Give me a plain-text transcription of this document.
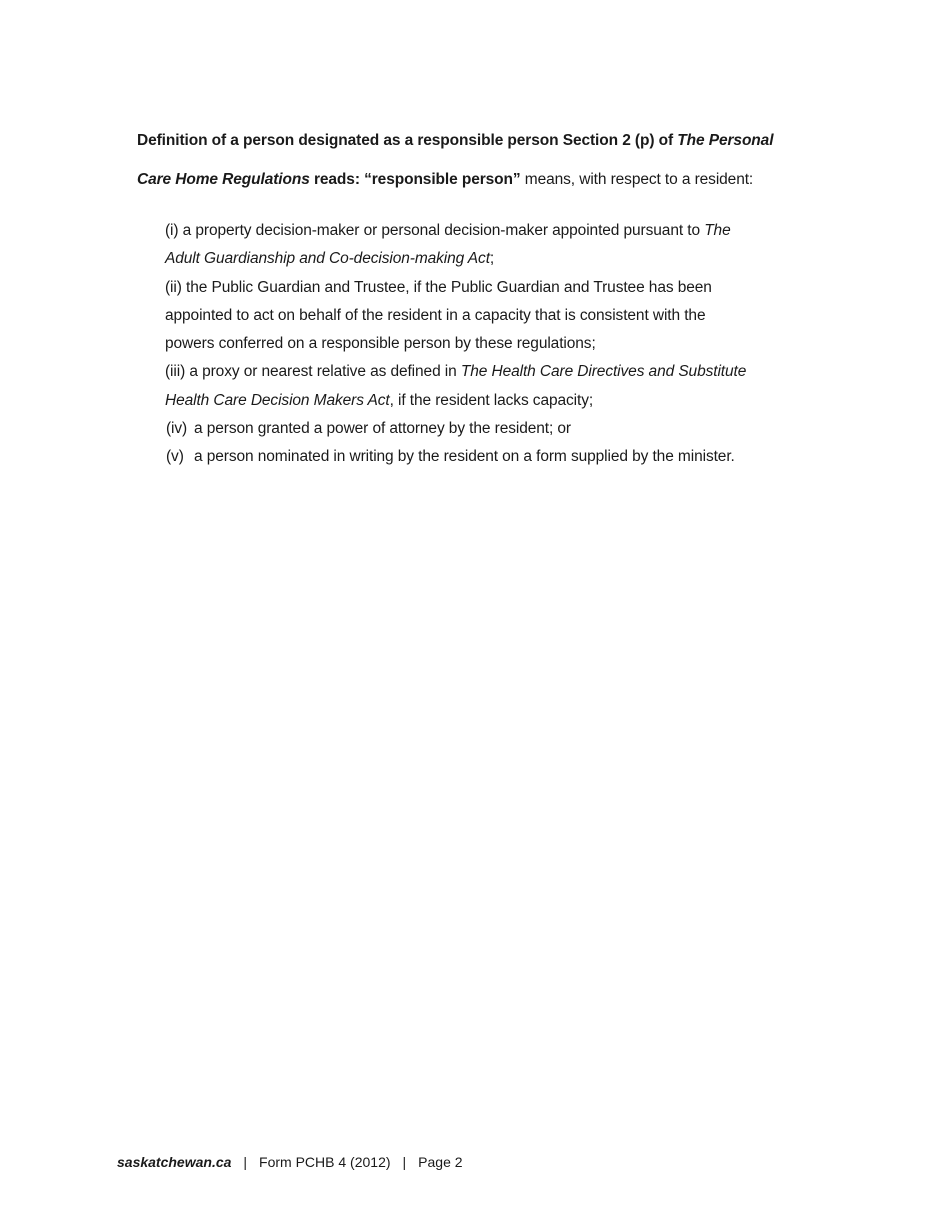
Definition of a person designated as a responsible person Section 2 (p) of The Personal
Care Home Regulations reads: “responsible person” means, with respect to a resident:

(i) a property decision-maker or personal decision-maker appointed pursuant to The
Adult Guardianship and Co-decision-making Act;

(ii) the Public Guardian and Trustee, if the Public Guardian and Trustee has been
appointed to act on behalf of the resident in a capacity that is consistent with the
powers conferred on a responsible person by these regulations;

(iii) a proxy or nearest relative as defined in The Health Care Directives and Substitute
Health Care Decision Makers Act, if the resident lacks capacity;

(iv) a person granted a power of attorney by the resident; or

(v) a person nominated in writing by the resident on a form supplied by the minister.

saskatchewan.ca | Form PCHB 4 (2012) | Page 2
